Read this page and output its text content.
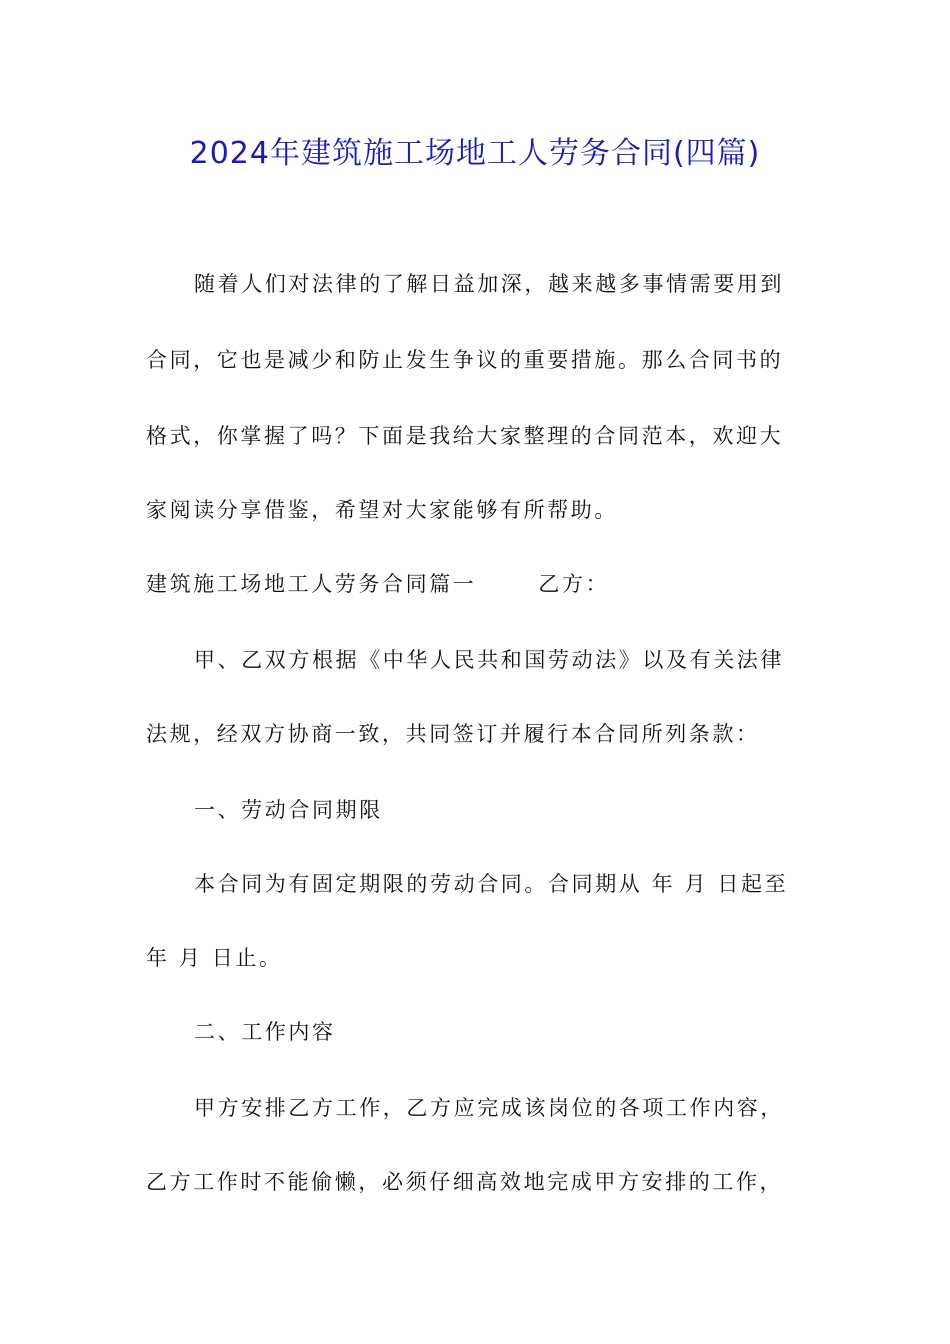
2024年建筑施工场地工人劳务合同(四篇)
随着人们对法律的了解日益加深，越来越多事情需要用到
合同，它也是减少和防止发生争议的重要措施。那么合同书的
格式，你掌握了吗？下面是我给大家整理的合同范本，欢迎大
家阅读分享借鉴，希望对大家能够有所帮助。
建筑施工场地工人劳务合同篇一	乙方：
甲、乙双方根据《中华人民共和国劳动法》以及有关法律
法规，经双方协商一致，共同签订并履行本合同所列条款：
一、劳动合同期限
本合同为有固定期限的劳动合同。合同期从 年 月 日起至
年 月 日止。
二、工作内容
甲方安排乙方工作，乙方应完成该岗位的各项工作内容，
乙方工作时不能偷懒，必须仔细高效地完成甲方安排的工作，
